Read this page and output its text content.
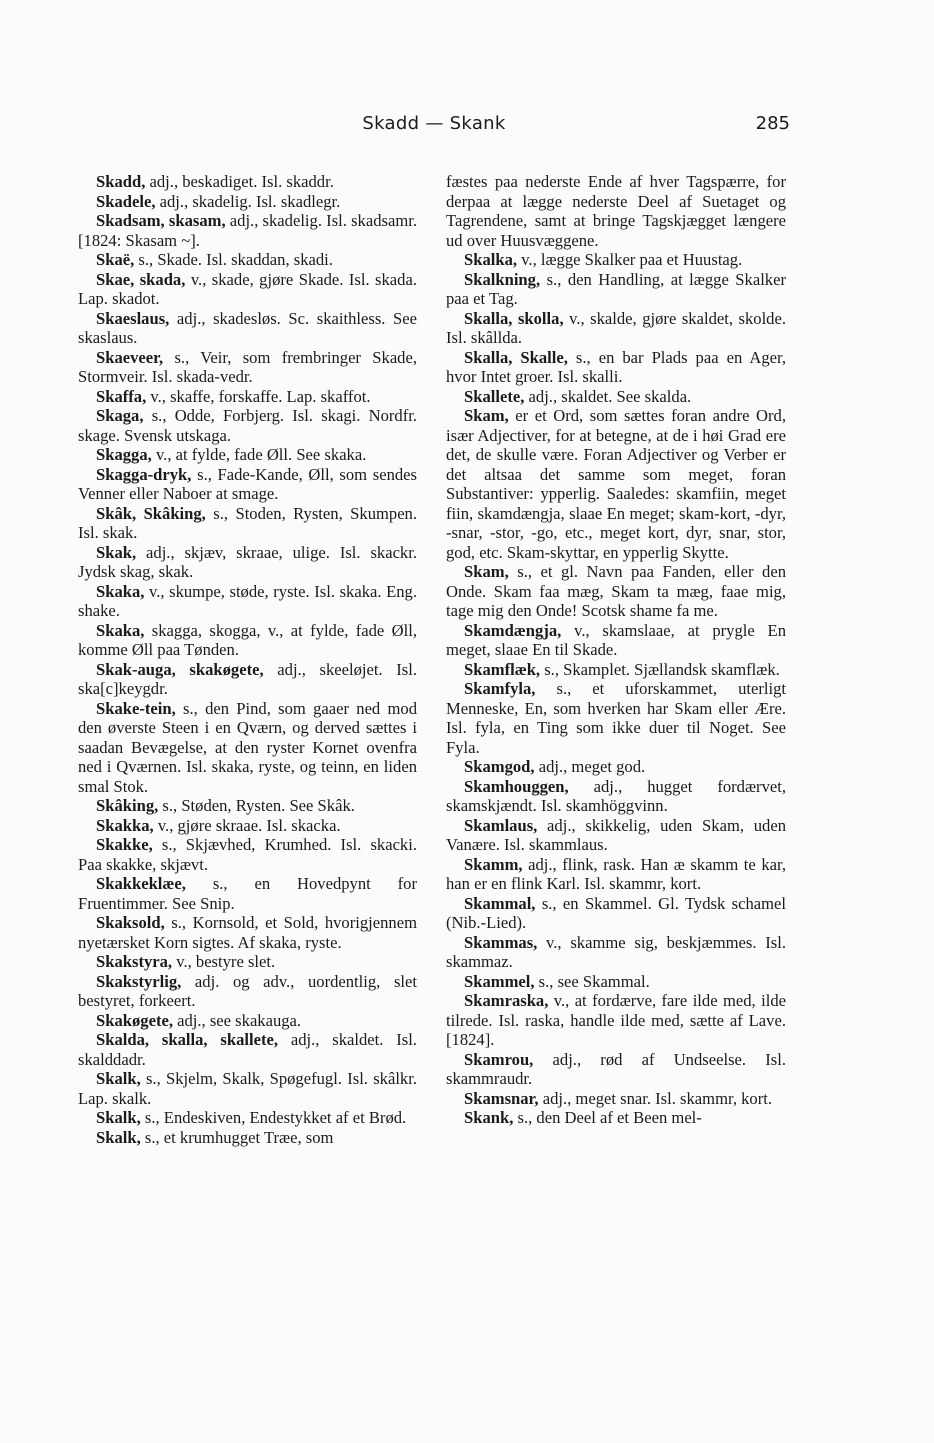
Skadd — Skank	285

Skadd, adj., beskadiget. Isl. skaddr.

Skadele, adj., skadelig. Isl. skadlegr.

Skadsam, skasam, adj., skadelig. Isl. skadsamr. [1824: Skasam ~].

Skaë, s., Skade. Isl. skaddan, skadi.

Skae, skada, v., skade, gjøre Skade. Isl. skada. Lap. skadot.

Skaeslaus, adj., skadesløs. Sc. skaithless. See skaslaus.

Skaeveer, s., Veir, som frembringer Skade, Stormveir. Isl. skada-vedr.

Skaffa, v., skaffe, forskaffe. Lap. skaffot.

Skaga, s., Odde, Forbjerg. Isl. skagi. Nordfr. skage. Svensk utskaga.

Skagga, v., at fylde, fade Øll. See skaka.

Skagga-dryk, s., Fade-Kande, Øll, som sendes Venner eller Naboer at smage.

Skâk, Skâking, s., Stoden, Rysten, Skumpen. Isl. skak.

Skak, adj., skjæv, skraae, ulige. Isl. skackr. Jydsk skag, skak.

Skaka, v., skumpe, støde, ryste. Isl. skaka. Eng. shake.

Skaka, skagga, skogga, v., at fylde, fade Øll, komme Øll paa Tønden.

Skak-auga, skakøgete, adj., skeeløjet. Isl. ska[c]keygdr.

Skake-tein, s., den Pind, som gaaer ned mod den øverste Steen i en Qværn, og derved sættes i saadan Bevægelse, at den ryster Kornet ovenfra ned i Qværnen. Isl. skaka, ryste, og teinn, en liden smal Stok.

Skâking, s., Støden, Rysten. See Skâk.

Skakka, v., gjøre skraae. Isl. skacka.

Skakke, s., Skjævhed, Krumhed. Isl. skacki. Paa skakke, skjævt.

Skakkeklæe, s., en Hovedpynt for Fruentimmer. See Snip.

Skaksold, s., Kornsold, et Sold, hvorigjennem nyetærsket Korn sigtes. Af skaka, ryste.

Skakstyra, v., bestyre slet.

Skakstyrlig, adj. og adv., uordentlig, slet bestyret, forkeert.

Skakøgete, adj., see skakauga.

Skalda, skalla, skallete, adj., skaldet. Isl. skalddadr.

Skalk, s., Skjelm, Skalk, Spøgefugl. Isl. skâlkr. Lap. skalk.

Skalk, s., Endeskiven, Endestykket af et Brød.

Skalk, s., et krumhugget Træe, som

fæstes paa nederste Ende af hver Tagspærre, for derpaa at lægge nederste Deel af Suetaget og Tagrendene, samt at bringe Tagskjægget længere ud over Huusvæggene.

Skalka, v., lægge Skalker paa et Huustag.

Skalkning, s., den Handling, at lægge Skalker paa et Tag.

Skalla, skolla, v., skalde, gjøre skaldet, skolde. Isl. skâllda.

Skalla, Skalle, s., en bar Plads paa en Ager, hvor Intet groer. Isl. skalli.

Skallete, adj., skaldet. See skalda.

Skam, er et Ord, som sættes foran andre Ord, især Adjectiver, for at betegne, at de i høi Grad ere det, de skulle være. Foran Adjectiver og Verber er det altsaa det samme som meget, foran Substantiver: ypperlig. Saaledes: skamfiin, meget fiin, skamdængja, slaae En meget; skam-kort, -dyr, -snar, -stor, -go, etc., meget kort, dyr, snar, stor, god, etc. Skam-skyttar, en ypperlig Skytte.

Skam, s., et gl. Navn paa Fanden, eller den Onde. Skam faa mæg, Skam ta mæg, faae mig, tage mig den Onde! Scotsk shame fa me.

Skamdængja, v., skamslaae, at prygle En meget, slaae En til Skade.

Skamflæk, s., Skamplet. Sjællandsk skamflæk.

Skamfyla, s., et uforskammet, uterligt Menneske, En, som hverken har Skam eller Ære. Isl. fyla, en Ting som ikke duer til Noget. See Fyla.

Skamgod, adj., meget god.

Skamhouggen, adj., hugget fordærvet, skamskjændt. Isl. skamhöggvinn.

Skamlaus, adj., skikkelig, uden Skam, uden Vanære. Isl. skammlaus.

Skamm, adj., flink, rask. Han æ skamm te kar, han er en flink Karl. Isl. skammr, kort.

Skammal, s., en Skammel. Gl. Tydsk schamel (Nib.-Lied).

Skammas, v., skamme sig, beskjæmmes. Isl. skammaz.

Skammel, s., see Skammal.

Skamraska, v., at fordærve, fare ilde med, ilde tilrede. Isl. raska, handle ilde med, sætte af Lave. [1824].

Skamrou, adj., rød af Undseelse. Isl. skammraudr.

Skamsnar, adj., meget snar. Isl. skammr, kort.

Skank, s., den Deel af et Been mel-
